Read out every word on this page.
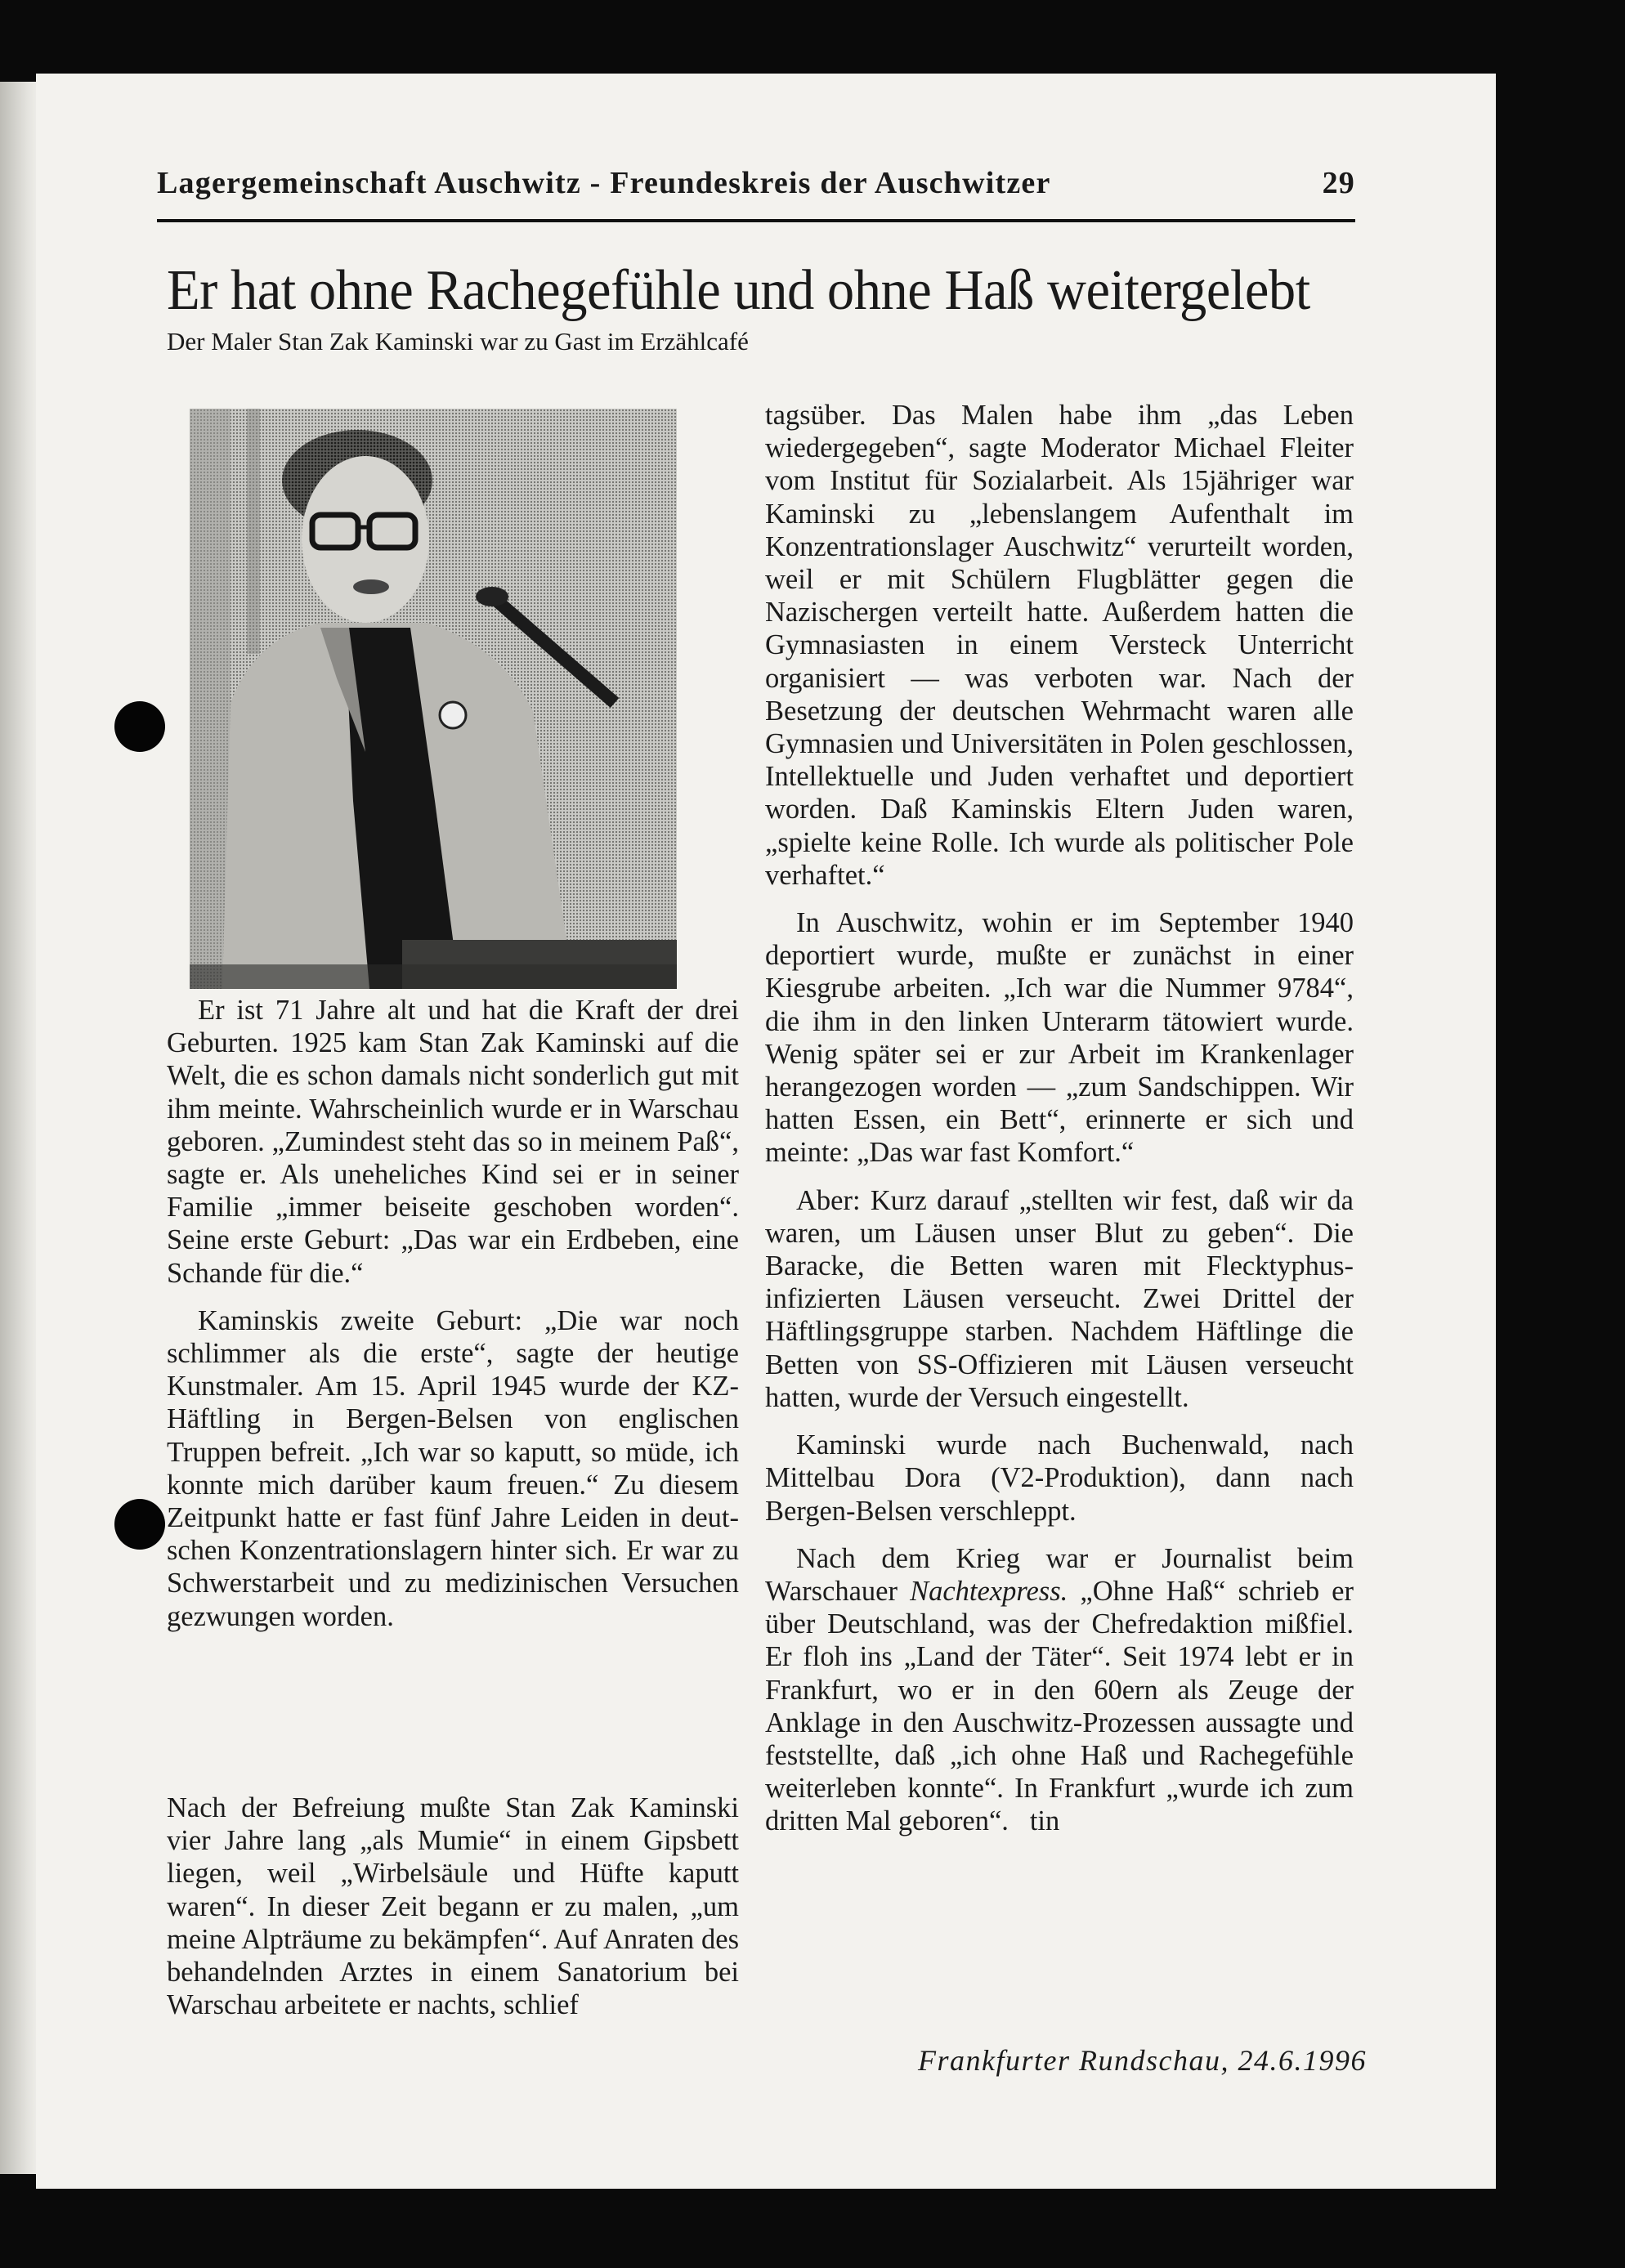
Lagergemeinschaft Auschwitz - Freundeskreis der Auschwitzer	29
Er hat ohne Rachegefühle und ohne Haß weitergelebt
Der Maler Stan Zak Kaminski war zu Gast im Erzählcafé

Er ist 71 Jahre alt und hat die Kraft der drei Geburten. 1925 kam Stan Zak Kaminski auf die Welt, die es schon damals nicht sonderlich gut mit ihm meinte. Wahrscheinlich wurde er in Warschau geboren. „Zumindest steht das so in meinem Paß“, sagte er. Als uneheliches Kind sei er in seiner Familie „immer beiseite geschoben worden“. Seine erste Geburt: „Das war ein Erdbeben, eine Schande für die.“

Kaminskis zweite Geburt: „Die war noch schlimmer als die erste“, sagte der heutige Kunstmaler. Am 15. April 1945 wurde der KZ-Häftling in Bergen-Belsen von englischen Truppen befreit. „Ich war so kaputt, so müde, ich konnte mich darüber kaum freuen.“ Zu diesem Zeitpunkt hatte er fast fünf Jahre Leiden in deutschen Konzentrationslagern hinter sich. Er war zu Schwerstarbeit und zu medizinischen Versuchen gezwungen worden.

Nach der Befreiung mußte Stan Zak Kaminski vier Jahre lang „als Mumie“ in einem Gipsbett liegen, weil „Wirbelsäule und Hüfte kaputt waren“. In dieser Zeit begann er zu malen, „um meine Alpträume zu bekämpfen“. Auf Anraten des behandelnden Arztes in einem Sanatorium bei Warschau arbeitete er nachts, schlief

tagsüber. Das Malen habe ihm „das Leben wiedergegeben“, sagte Moderator Michael Fleiter vom Institut für Sozialarbeit. Als 15jähriger war Kaminski zu „lebenslangem Aufenthalt im Konzentrationslager Auschwitz“ verurteilt worden, weil er mit Schülern Flugblätter gegen die Nazischergen verteilt hatte. Außerdem hatten die Gymnasiasten in einem Versteck Unterricht organisiert — was verboten war. Nach der Besetzung der deutschen Wehrmacht waren alle Gymnasien und Universitäten in Polen geschlossen, Intellektuelle und Juden verhaftet und deportiert worden. Daß Kaminskis Eltern Juden waren, „spielte keine Rolle. Ich wurde als politischer Pole verhaftet.“

In Auschwitz, wohin er im September 1940 deportiert wurde, mußte er zunächst in einer Kiesgrube arbeiten. „Ich war die Nummer 9784“, die ihm in den linken Unterarm tätowiert wurde. Wenig später sei er zur Arbeit im Krankenlager herangezogen worden — „zum Sandschippen. Wir hatten Essen, ein Bett“, erinnerte er sich und meinte: „Das war fast Komfort.“

Aber: Kurz darauf „stellten wir fest, daß wir da waren, um Läusen unser Blut zu geben“. Die Baracke, die Betten waren mit Flecktyphus-infizierten Läusen verseucht. Zwei Drittel der Häftlingsgruppe starben. Nachdem Häftlinge die Betten von SS-Offizieren mit Läusen verseucht hatten, wurde der Versuch eingestellt.

Kaminski wurde nach Buchenwald, nach Mittelbau Dora (V2-Produktion), dann nach Bergen-Belsen verschleppt.

Nach dem Krieg war er Journalist beim Warschauer Nachtexpress. „Ohne Haß“ schrieb er über Deutschland, was der Chefredaktion mißfiel. Er floh ins „Land der Täter“. Seit 1974 lebt er in Frankfurt, wo er in den 60ern als Zeuge der Anklage in den Auschwitz-Prozessen aussagte und feststellte, daß „ich ohne Haß und Rachegefühle weiterleben konnte“. In Frankfurt „wurde ich zum dritten Mal geboren“. tin

Frankfurter Rundschau, 24.6.1996
